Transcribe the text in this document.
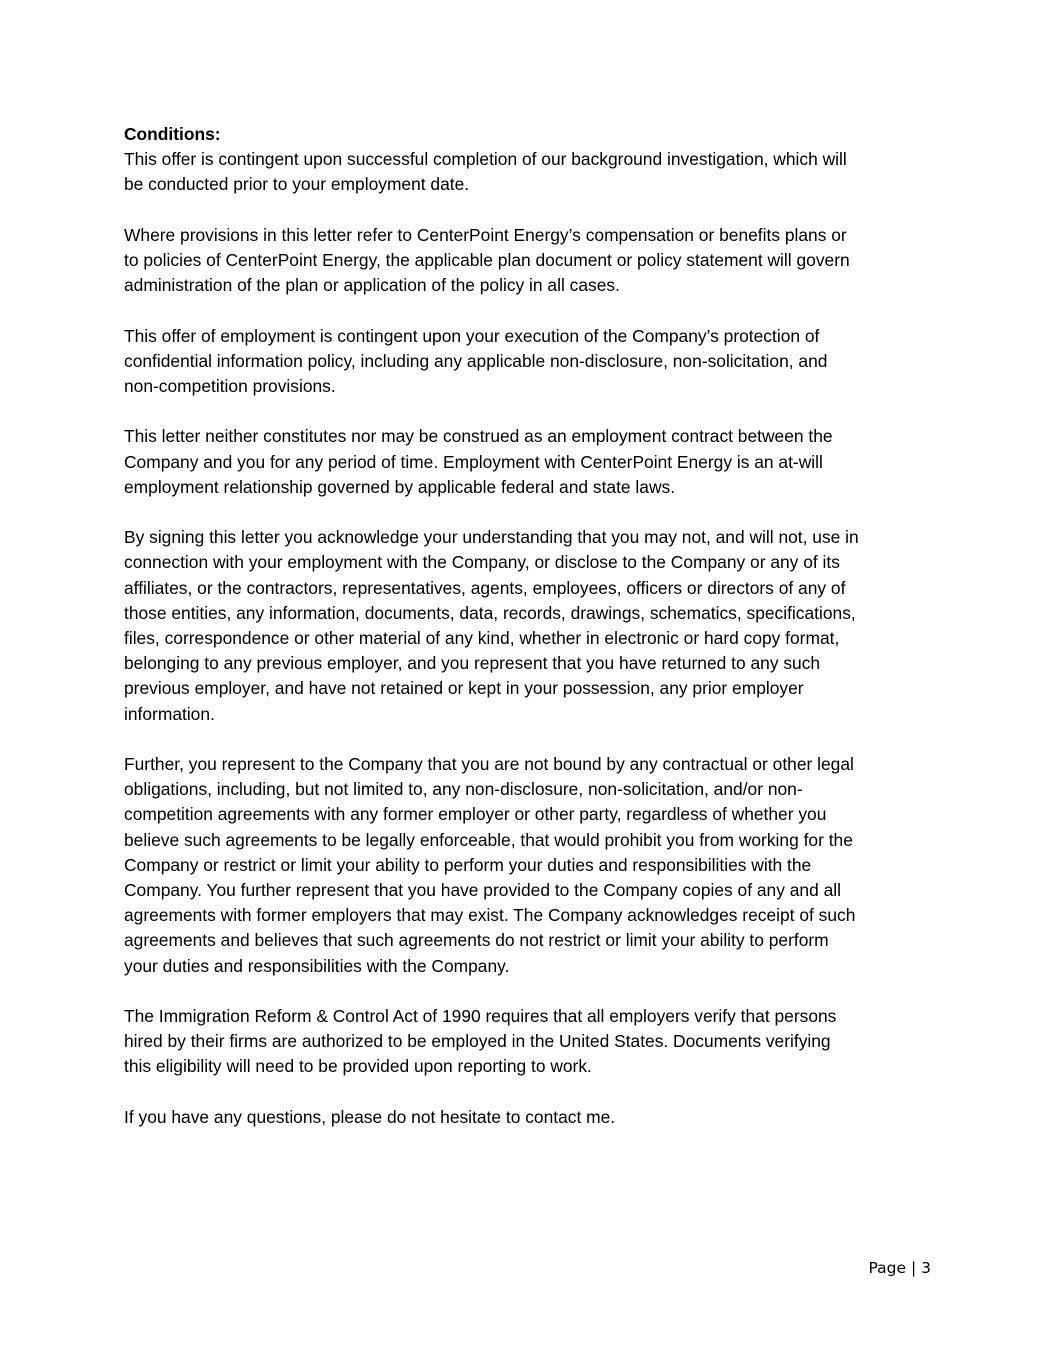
Conditions:

This offer is contingent upon successful completion of our background investigation, which will
be conducted prior to your employment date.

Where provisions in this letter refer to CenterPoint Energy’s compensation or benefits plans or
to policies of CenterPoint Energy, the applicable plan document or policy statement will govern
administration of the plan or application of the policy in all cases.

This offer of employment is contingent upon your execution of the Company’s protection of
confidential information policy, including any applicable non-disclosure, non-solicitation, and
non-competition provisions.

This letter neither constitutes nor may be construed as an employment contract between the
Company and you for any period of time. Employment with CenterPoint Energy is an at-will
employment relationship governed by applicable federal and state laws.

By signing this letter you acknowledge your understanding that you may not, and will not, use in
connection with your employment with the Company, or disclose to the Company or any of its
affiliates, or the contractors, representatives, agents, employees, officers or directors of any of
those entities, any information, documents, data, records, drawings, schematics, specifications,
files, correspondence or other material of any kind, whether in electronic or hard copy format,
belonging to any previous employer, and you represent that you have returned to any such
previous employer, and have not retained or kept in your possession, any prior employer
information.

Further, you represent to the Company that you are not bound by any contractual or other legal
obligations, including, but not limited to, any non-disclosure, non-solicitation, and/or non-
competition agreements with any former employer or other party, regardless of whether you
believe such agreements to be legally enforceable, that would prohibit you from working for the
Company or restrict or limit your ability to perform your duties and responsibilities with the
Company. You further represent that you have provided to the Company copies of any and all
agreements with former employers that may exist. The Company acknowledges receipt of such
agreements and believes that such agreements do not restrict or limit your ability to perform
your duties and responsibilities with the Company.

The Immigration Reform & Control Act of 1990 requires that all employers verify that persons
hired by their firms are authorized to be employed in the United States. Documents verifying
this eligibility will need to be provided upon reporting to work.

If you have any questions, please do not hesitate to contact me.

Page | 3
